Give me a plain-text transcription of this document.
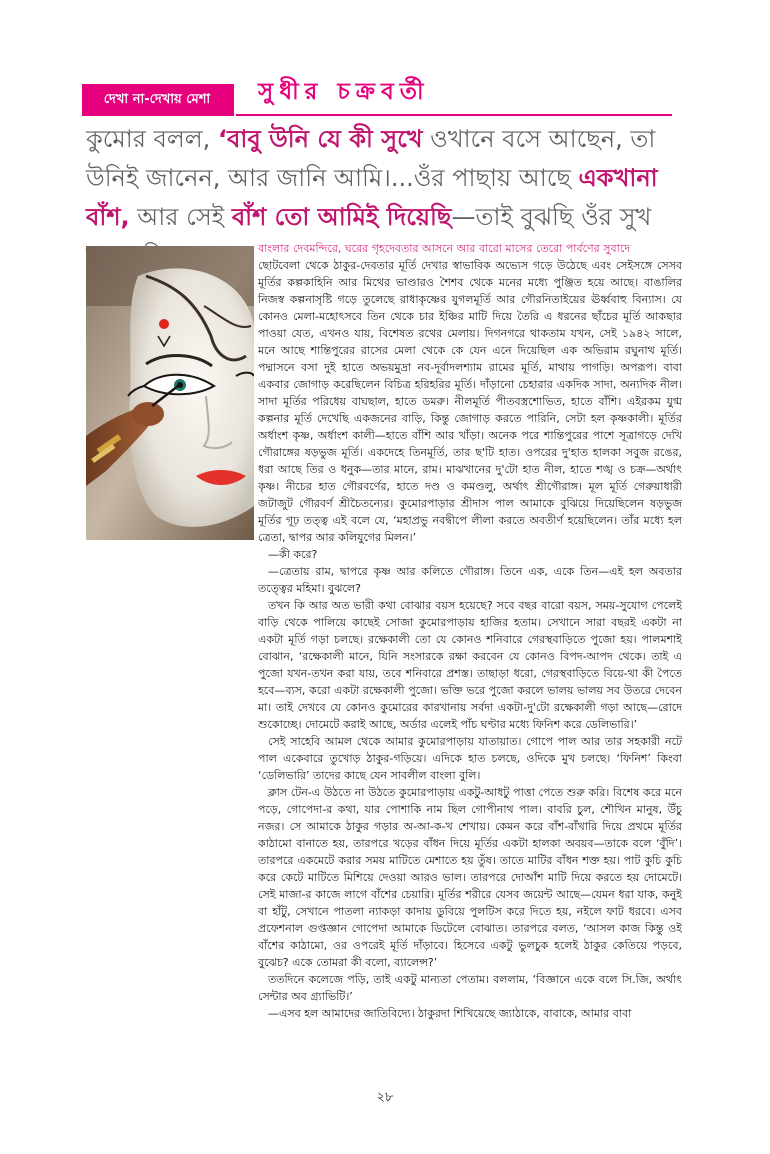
দেখা না-দেখায় মেশা	সুধীর চক্রবর্তী
কুমোর বলল, ‘বাবু উনি যে কী সুখে ওখানে বসে আছেন, তা উনিই জানেন, আর জানি আমি।...ওঁর পাছায় আছে একখানা বাঁশ, আর সেই বাঁশ তো আমিই দিয়েছি—তাই বুঝছি ওঁর সুখ

বাংলার দেবমন্দিরে, ঘরের গৃহদেবতার আসনে আর বারো মাসের তেরো পার্বণের সুবাদে

ছোটবেলা থেকে ঠাকুর-দেবতার মূর্তি দেখার স্বাভাবিক অভ্যেস গড়ে উঠেছে এবং সেইসঙ্গে সেসব মূর্তির কল্পকাহিনি আর মিথের ভাণ্ডারও শৈশব থেকে মনের মধ্যে পুঞ্জিত হয়ে আছে। বাঙালির নিজস্ব কল্পনাসৃষ্টি গড়ে তুলেছে রাধাকৃষ্ণের যুগলমূর্তি আর গৌরনিতাইয়ের ঊর্ধ্ববাহু বিন্যাস। যে কোনও মেলা-মহোৎসবে তিন থেকে চার ইঞ্চির মাটি দিয়ে তৈরি এ ধরনের ছাঁচের মূর্তি আকছার পাওয়া যেত, এখনও যায়, বিশেষত রথের মেলায়। দিগনগরে থাকতাম যখন, সেই ১৯৪২ সালে, মনে আছে শান্তিপুরের রাসের মেলা থেকে কে যেন এনে দিয়েছিল এক অভিরাম রঘুনাথ মূর্তি। পদ্মাসনে বসা দুই হাতে অভয়মুদ্রা নব-দূর্বাদলশ্যাম রামের মূর্তি, মাথায় পাগড়ি। অপরূপ। বাবা একবার জোগাড় করেছিলেন বিচিত্র হরিহরির মূর্তি। দাঁড়ানো চেহারার একদিক সাদা, অন্যদিক নীল। সাদা মূর্তির পরিধেয় বাঘছাল, হাতে ডমরু। নীলমূর্তি পীতবস্ত্রশোভিত, হাতে বাঁশি। এইরকম যুগ্ম কল্পনার মূর্তি দেখেছি একজনের বাড়ি, কিন্তু জোগাড় করতে পারিনি, সেটা হল কৃষ্ণকালী। মূর্তির অর্ধাংশ কৃষ্ণ, অর্ধাংশ কালী—হাতে বাঁশি আর খাঁড়া। অনেক পরে শান্তিপুরের পাশে সূত্রাগড়ে দেখি গৌরাঙ্গের ষড়ভুজ মূর্তি। একদেহে তিনমূর্তি, তার ছ'টি হাত। ওপরের দু'হাত হালকা সবুজ রঙের, ধরা আছে তির ও ধনুক—তার মানে, রাম। মাঝখানের দু'টো হাত নীল, হাতে শঙ্খ ও চক্র—অর্থাৎ কৃষ্ণ। নীচের হাত গৌরবর্ণের, হাতে দণ্ড ও কমণ্ডলু, অর্থাৎ শ্রীগৌরাঙ্গ। মূল মূর্তি গেরুয়াধারী জটাজুট গৌরবর্ণ শ্রীচৈতন্যের। কুমোরপাড়ার শ্রীদাস পাল আমাকে বুঝিয়ে দিয়েছিলেন ষড়ভুজ মূর্তির গূঢ় তত্ত্ব এই বলে যে, ‘মহাপ্রভু নবদ্বীপে লীলা করতে অবতীর্ণ হয়েছিলেন। তাঁর মধ্যে হল ত্রেতা, দ্বাপর আর কলিযুগের মিলন।’

—কী করে?

—ত্রেতায় রাম, দ্বাপরে কৃষ্ণ আর কলিতে গৌরাঙ্গ। তিনে এক, একে তিন—এই হল অবতার তত্ত্বের মহিমা। বুঝলে?

তখন কি আর অত ভারী কথা বোঝার বয়স হয়েছে? সবে বছর বারো বয়স, সময়-সুযোগ পেলেই বাড়ি থেকে পালিয়ে কাছেই সোজা কুমোরপাড়ায় হাজির হতাম। সেখানে সারা বছরই একটা না একটা মূর্তি গড়া চলছে। রক্ষেকালী তো যে কোনও শনিবারে গেরস্থবাড়িতে পুজো হয়। পালমশাই বোঝান, ‘রক্ষেকালী মানে, যিনি সংসারকে রক্ষা করবেন যে কোনও বিপদ-আপদ থেকে। তাই এ পুজো যখন-তখন করা যায়, তবে শনিবারে প্রশস্ত। তাছাড়া ধরো, গেরস্থবাড়িতে বিয়ে-থা কী পৈতে হবে—ব্যস, করো একটা রক্ষেকালী পুজো। ভক্তি ভরে পুজো করলে ভালয় ভালয় সব উতরে দেবেন মা। তাই দেখবে যে কোনও কুমোরের কারখানায় সর্বদা একটা-দু'টো রক্ষেকালী গড়া আছে—রোদে শুকোচ্ছে। দোমেটে করাই আছে, অর্ডার এলেই পাঁচ ঘণ্টার মধ্যে ফিনিশ করে ডেলিভারি।’

সেই সাহেবি আমল থেকে আমার কুমোরপাড়ায় যাতায়াত। গোপে পাল আর তার সহকারী নটে পাল একেবারে তুখোড় ঠাকুর-গড়িয়ে। এদিকে হাত চলছে, ওদিকে মুখ চলছে। ‘ফিনিশ’ কিংবা ‘ডেলিভারি’ তাদের কাছে যেন সাবলীল বাংলা বুলি।

ক্লাস টেন-এ উঠতে না উঠতে কুমোরপাড়ায় একটু-আধটু পাত্তা পেতে শুরু করি। বিশেষ করে মনে পড়ে, গোপেদা-র কথা, যার পোশাকি নাম ছিল গোপীনাথ পাল। বাবরি চুল, শৌখিন মানুষ, উঁচু নজর। সে আমাকে ঠাকুর গড়ার অ-আ-ক-খ শেখায়। কেমন করে বাঁশ-বাঁখারি দিয়ে প্রথমে মূর্তির কাঠামো বানাতে হয়, তারপরে খড়ের বাঁধন দিয়ে মূর্তির একটা হালকা অবয়ব—তাকে বলে ‘বুঁদি’। তারপরে একমেটে করার সময় মাটিতে মেশাতে হয় তুঁষ। তাতে মাটির বাঁধন শক্ত হয়। পাট কুচি কুচি করে কেটে মাটিতে মিশিয়ে দেওয়া আরও ভাল। তারপরে দোআঁশ মাটি দিয়ে করতে হয় দোমেটে। সেই মাজা-র কাজে লাগে বাঁশের চেয়ারি। মূর্তির শরীরে যেসব জয়েন্ট আছে—যেমন ধরা যাক, কনুই বা হাঁটু, সেখানে পাতলা ন্যাকড়া কাদায় ডুবিয়ে পুলটিস করে দিতে হয়, নইলে ফাট ধরবে। এসব প্রফেশনাল গুপ্তজ্ঞান গোপেদা আমাকে ডিটেলে বোঝাত। তারপরে বলত, ‘আসল কাজ কিন্তু ওই বাঁশের কাঠামো, ওর ওপরেই মূর্তি দাঁড়াবে। হিসেবে একটু ভুলচুক হলেই ঠাকুর কেতিয়ে পড়বে, বুঝেচ? একে তোমরা কী বলো, ব্যালেন্স?’

ততদিনে কলেজে পড়ি, তাই একটু মান্যতা পেতাম। বললাম, ‘বিজ্ঞানে একে বলে সি.জি, অর্থাৎ সেন্টার অব গ্র্যাভিটি।’

—এসব হল আমাদের জাতিবিদ্যে। ঠাকুরদা শিখিয়েছে জ্যাঠাকে, বাবাকে, আমার বাবা

২৮
